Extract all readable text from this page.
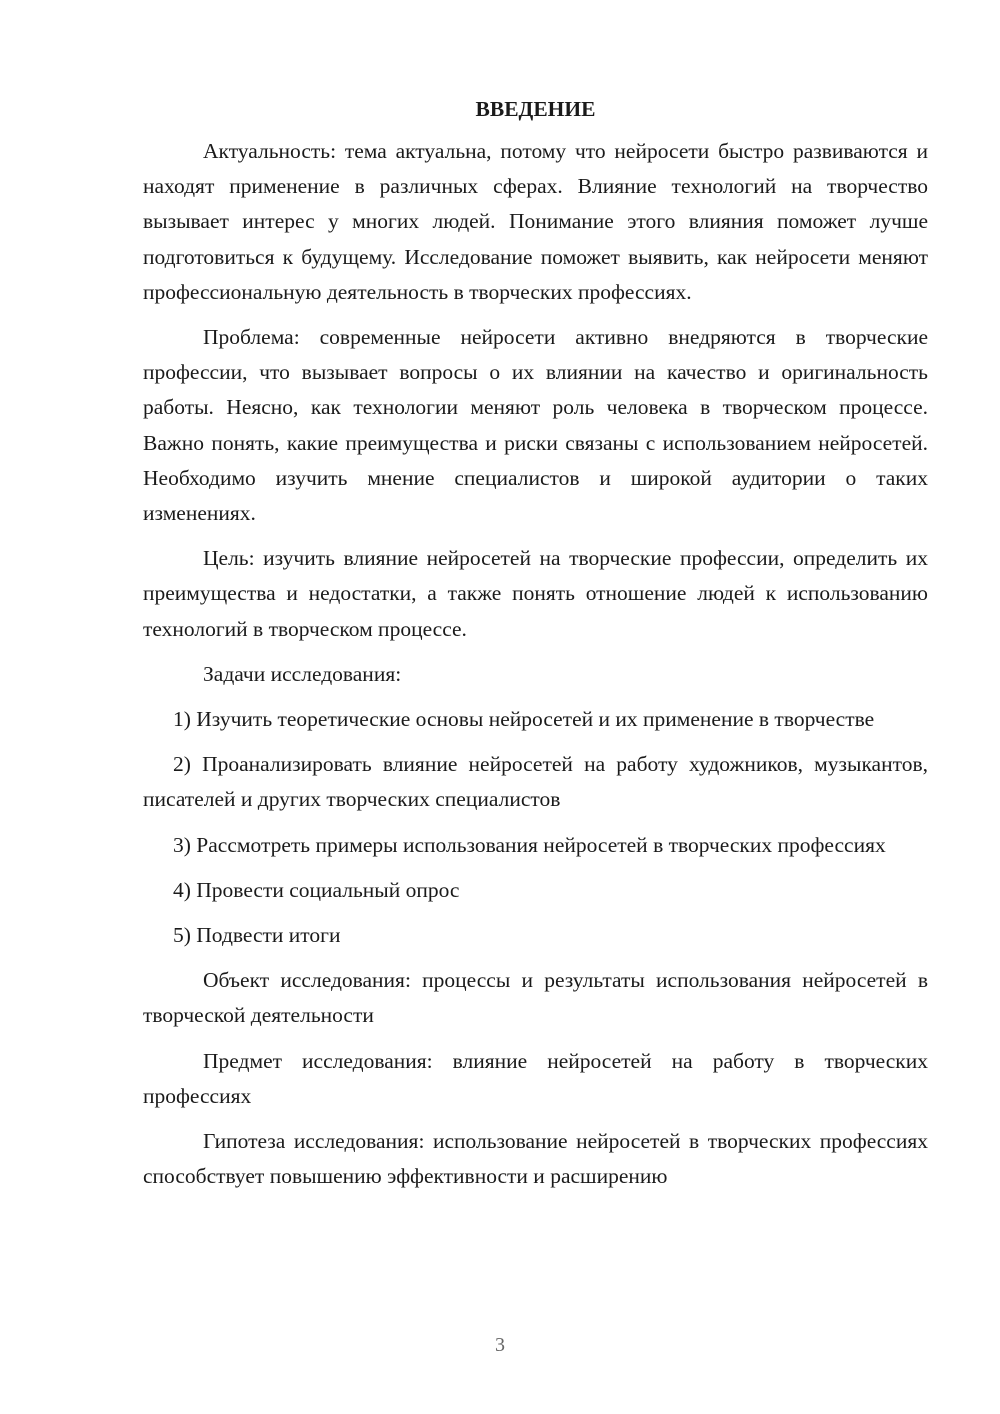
ВВЕДЕНИЕ

Актуальность: тема актуальна, потому что нейросети быстро развиваются и находят применение в различных сферах. Влияние технологий на творчество вызывает интерес у многих людей. Понимание этого влияния поможет лучше подготовиться к будущему. Исследование поможет выявить, как нейросети меняют профессиональную деятельность в творческих профессиях.

Проблема: современные нейросети активно внедряются в творческие профессии, что вызывает вопросы о их влиянии на качество и оригинальность работы. Неясно, как технологии меняют роль человека в творческом процессе. Важно понять, какие преимущества и риски связаны с использованием нейросетей. Необходимо изучить мнение специалистов и широкой аудитории о таких изменениях.

Цель: изучить влияние нейросетей на творческие профессии, определить их преимущества и недостатки, а также понять отношение людей к использованию технологий в творческом процессе.

Задачи исследования:

1) Изучить теоретические основы нейросетей и их применение в творчестве

2) Проанализировать влияние нейросетей на работу художников, музыкантов, писателей и других творческих специалистов

3) Рассмотреть примеры использования нейросетей в творческих профессиях

4) Провести социальный опрос

5) Подвести итоги

Объект исследования: процессы и результаты использования нейросетей в творческой деятельности

Предмет исследования: влияние нейросетей на работу в творческих профессиях

Гипотеза исследования: использование нейросетей в творческих профессиях способствует повышению эффективности и расширению

3
